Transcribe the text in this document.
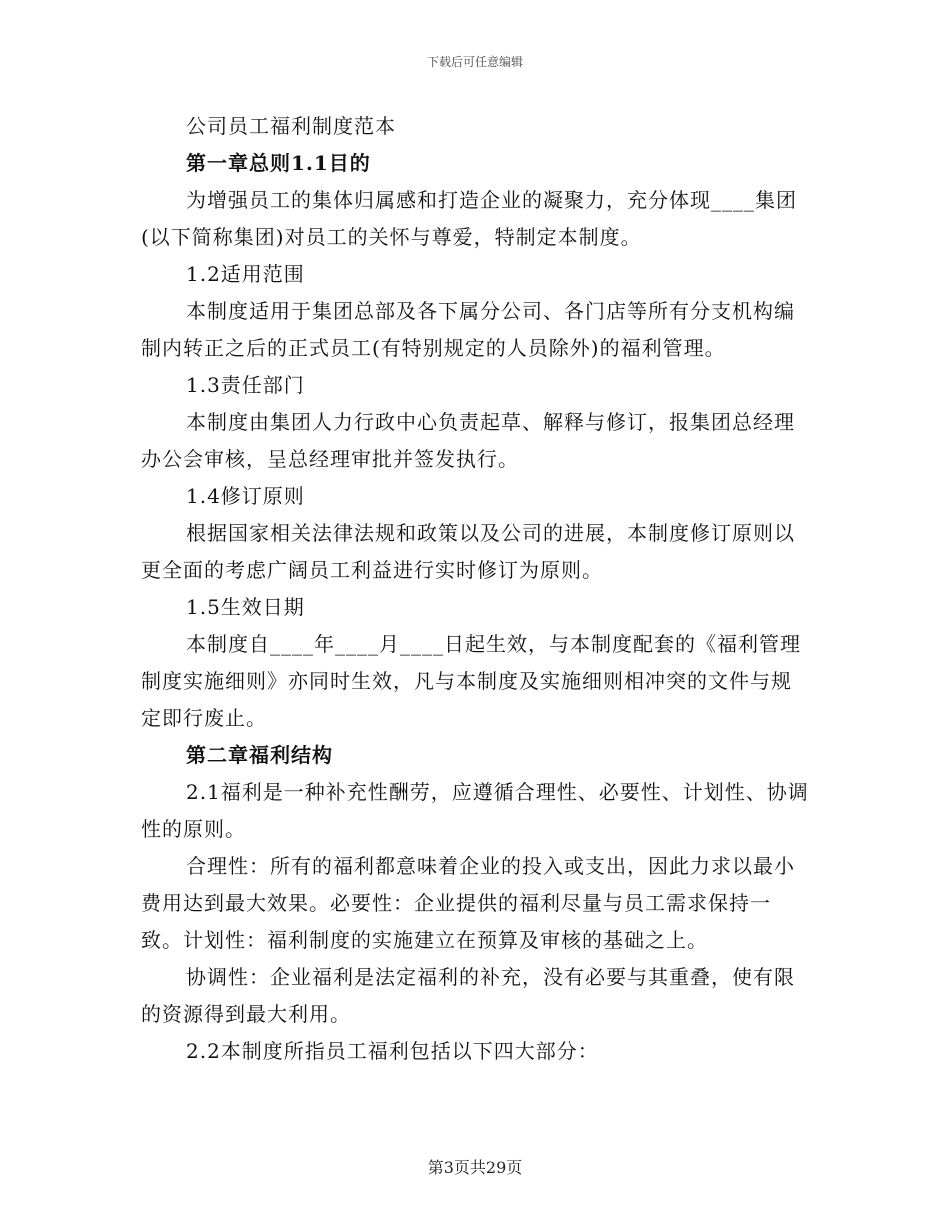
下载后可任意编辑

公司员工福利制度范本

第一章总则1.1目的

为增强员工的集体归属感和打造企业的凝聚力，充分体现____集团(以下简称集团)对员工的关怀与尊爱，特制定本制度。

1.2适用范围

本制度适用于集团总部及各下属分公司、各门店等所有分支机构编制内转正之后的正式员工(有特别规定的人员除外)的福利管理。

1.3责任部门

本制度由集团人力行政中心负责起草、解释与修订，报集团总经理办公会审核，呈总经理审批并签发执行。

1.4修订原则

根据国家相关法律法规和政策以及公司的进展，本制度修订原则以更全面的考虑广阔员工利益进行实时修订为原则。

1.5生效日期

本制度自____年____月____日起生效，与本制度配套的《福利管理制度实施细则》亦同时生效，凡与本制度及实施细则相冲突的文件与规定即行废止。

第二章福利结构

2.1福利是一种补充性酬劳，应遵循合理性、必要性、计划性、协调性的原则。

合理性：所有的福利都意味着企业的投入或支出，因此力求以最小费用达到最大效果。必要性：企业提供的福利尽量与员工需求保持一致。计划性：福利制度的实施建立在预算及审核的基础之上。

协调性：企业福利是法定福利的补充，没有必要与其重叠，使有限的资源得到最大利用。

2.2本制度所指员工福利包括以下四大部分：

第3页共29页
